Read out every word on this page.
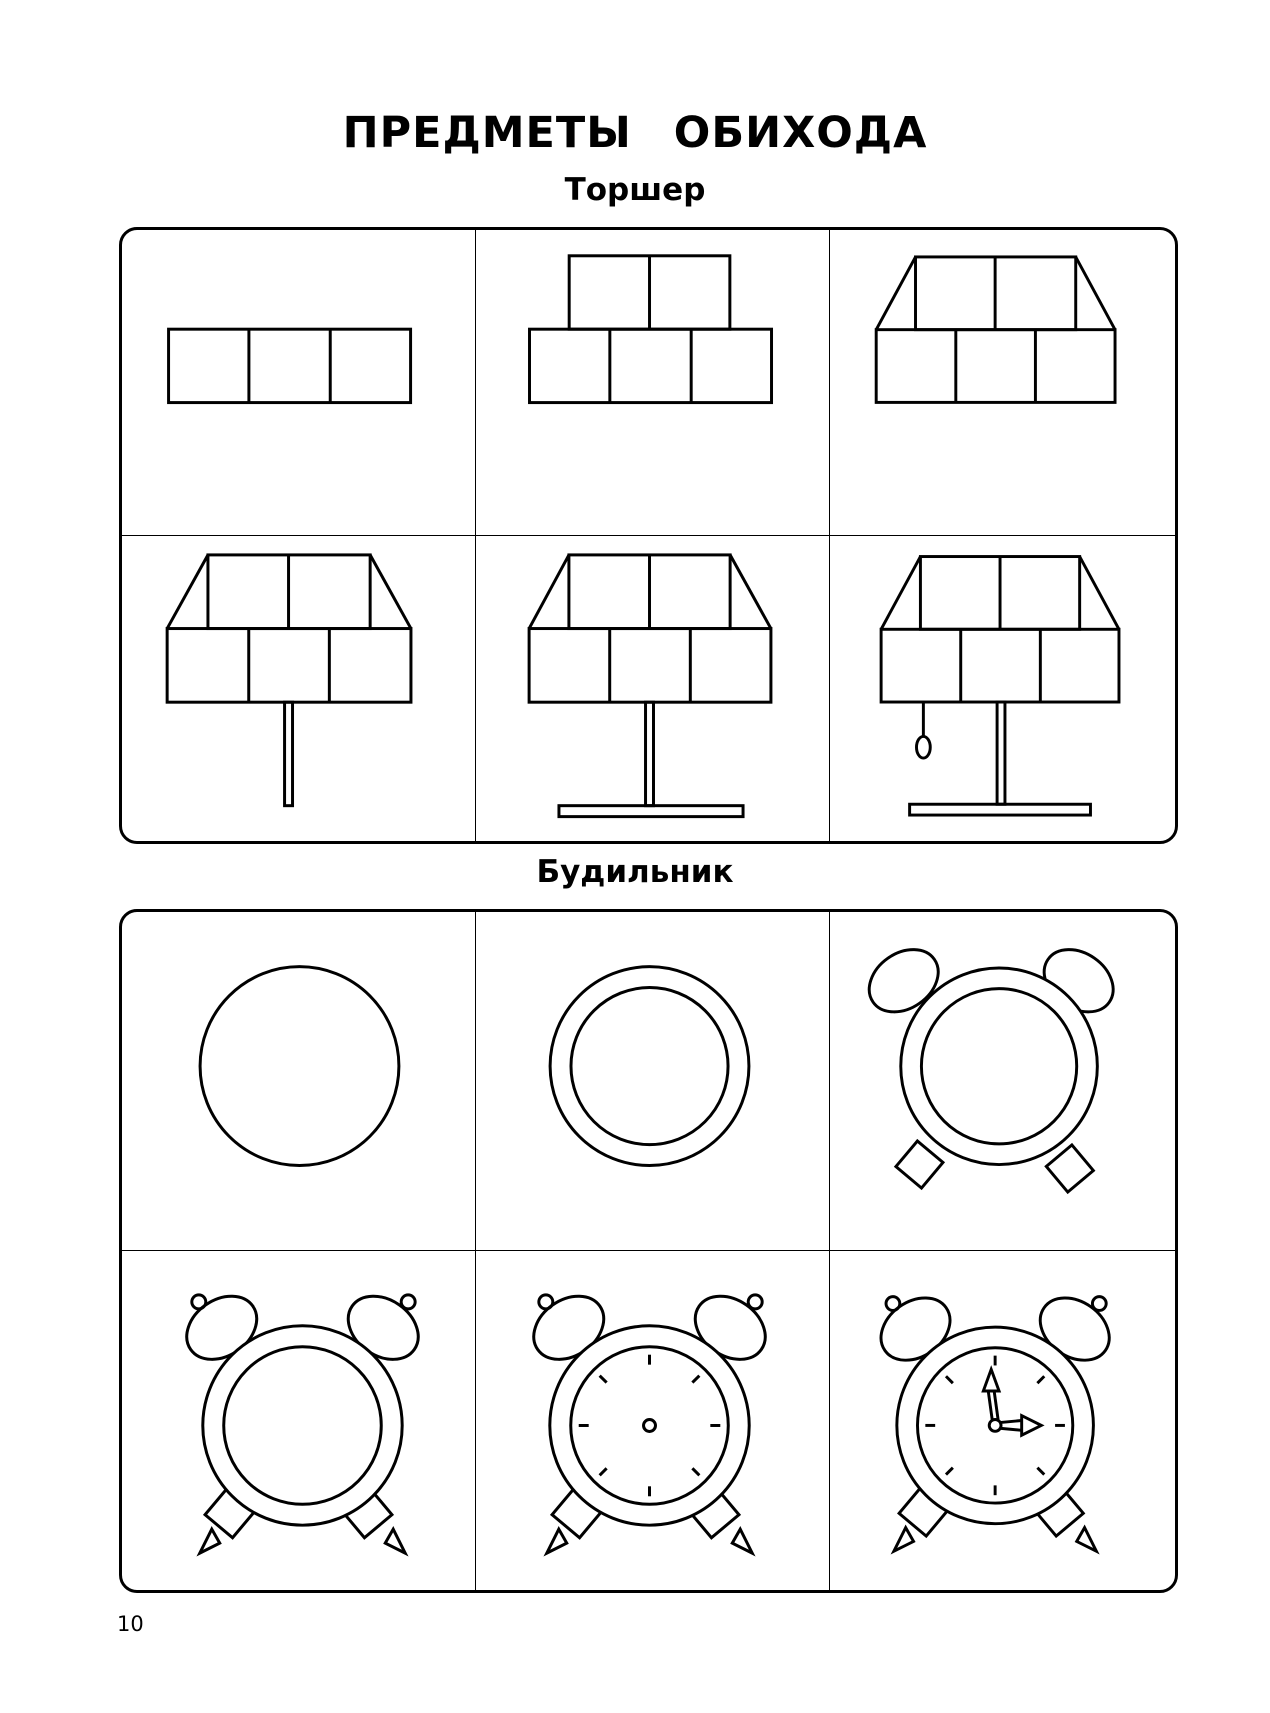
ПРЕДМЕТЫ ОБИХОДА
Торшер
Будильник

10
